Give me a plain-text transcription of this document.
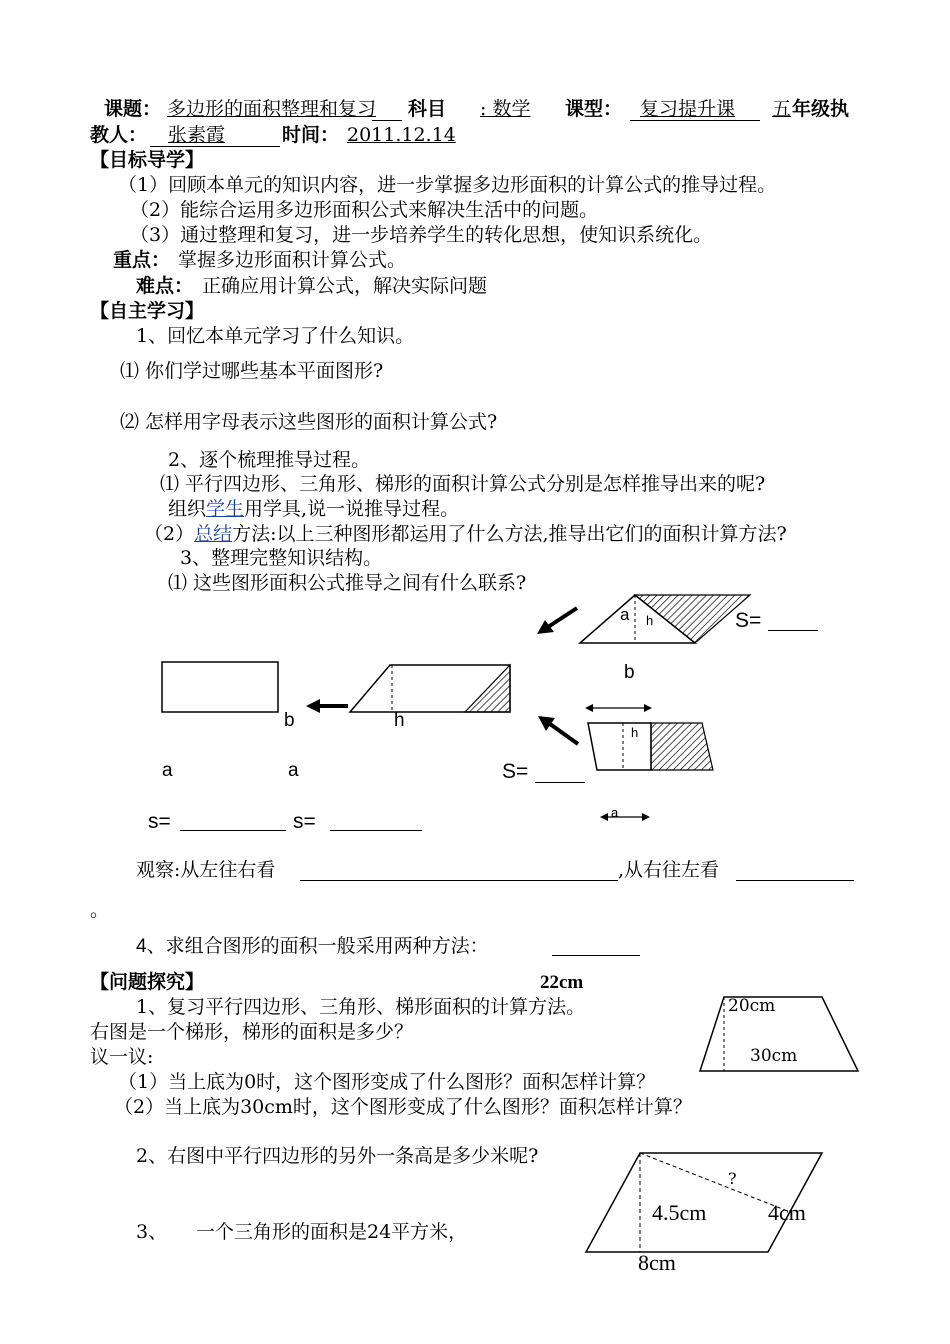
课题： 多边形的面积整理和复习 科目 : 数学 课型： 复习提升课 五 年级执
教人： 张素霞	时间： 2011.12.14
【目标导学】
（1）回顾本单元的知识内容，进一步掌握多边形面积的计算公式的推导过程。
（2）能综合运用多边形面积公式来解决生活中的问题。
（3）通过整理和复习，进一步培养学生的转化思想，使知识系统化。
重点： 掌握多边形面积计算公式。
难点： 正确应用计算公式，解决实际问题
【自主学习】
1、回忆本单元学习了什么知识。
⑴ 你们学过哪些基本平面图形?
⑵ 怎样用字母表示这些图形的面积计算公式?
2、逐个梳理推导过程。
⑴ 平行四边形、三角形、梯形的面积计算公式分别是怎样推导出来的呢?
组织学生用学具,说一说推导过程。
（2）总结方法:以上三种图形都运用了什么方法,推导出它们的面积计算方法?
3、整理完整知识结构。
⑴ 这些图形面积公式推导之间有什么联系?
a h	S=
b
b	h
h
a	a	S=
s=	s=	a
观察:从左往右看	,从右往左看
。
4、求组合图形的面积一般采用两种方法：
【问题探究】	22cm
1、复习平行四边形、三角形、梯形面积的计算方法。
右图是一个梯形，梯形的面积是多少？
议一议:
（1）当上底为0时，这个图形变成了什么图形？面积怎样计算？
（2）当上底为30cm时，这个图形变成了什么图形？面积怎样计算？
20cm
30cm
2、右图中平行四边形的另外一条高是多少米呢?
?
4.5cm	4cm
3、 一个三角形的面积是24平方米，
8cm
